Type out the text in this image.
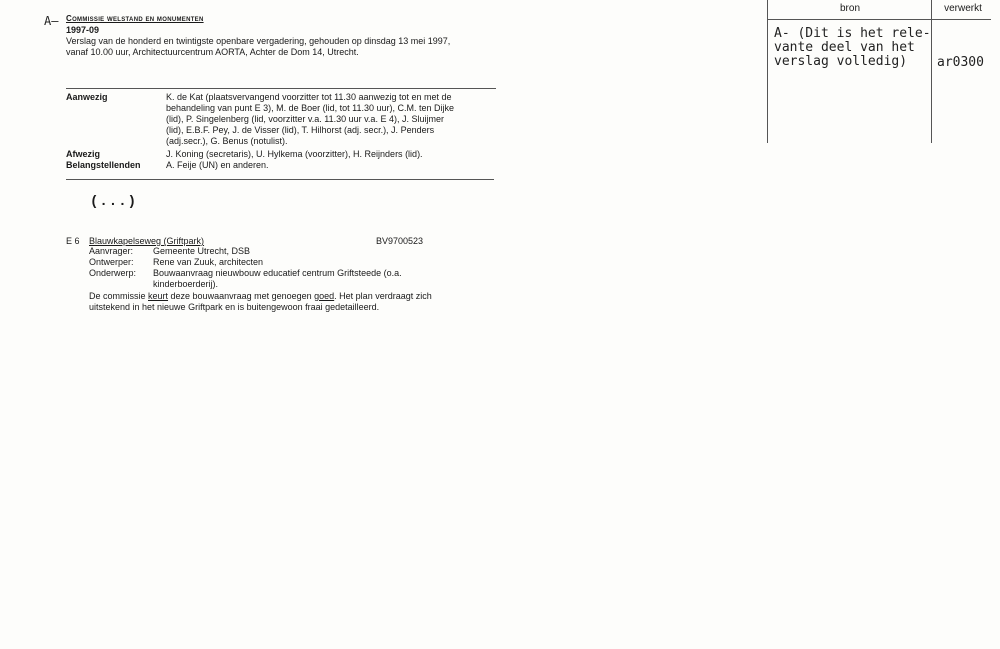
A– Commissie welstand en monumenten
1997-09
Verslag van de honderd en twintigste openbare vergadering, gehouden op dinsdag 13 mei 1997,
vanaf 10.00 uur, Architectuurcentrum AORTA, Achter de Dom 14, Utrecht.
Aanwezig	K. de Kat (plaatsvervangend voorzitter tot 11.30 aanwezig tot en met de
behandeling van punt E 3), M. de Boer (lid, tot 11.30 uur), C.M. ten Dijke
(lid), P. Singelenberg (lid, voorzitter v.a. 11.30 uur v.a. E 4), J. Sluijmer
(lid), E.B.F. Pey, J. de Visser (lid), T. Hilhorst (adj. secr.), J. Penders
(adj.secr.), G. Benus (notulist).
Afwezig	J. Koning (secretaris), U. Hylkema (voorzitter), H. Reijnders (lid).
Belangstellenden	A. Feije (UN) en anderen.
(...)
E 6 Blauwkapelseweg (Griftpark)	BV9700523
Aanvrager: Gemeente Utrecht, DSB
Ontwerper: Rene van Zuuk, architecten
Onderwerp: Bouwaanvraag nieuwbouw educatief centrum Griftsteede (o.a.
kinderboerderij).
De commissie keurt deze bouwaanvraag met genoegen goed. Het plan verdraagt zich
uitstekend in het nieuwe Griftpark en is buitengewoon fraai gedetailleerd.
bron	verwerkt
A- (Dit is het rele-
vante deel van het
verslag volledig)	ar0300
